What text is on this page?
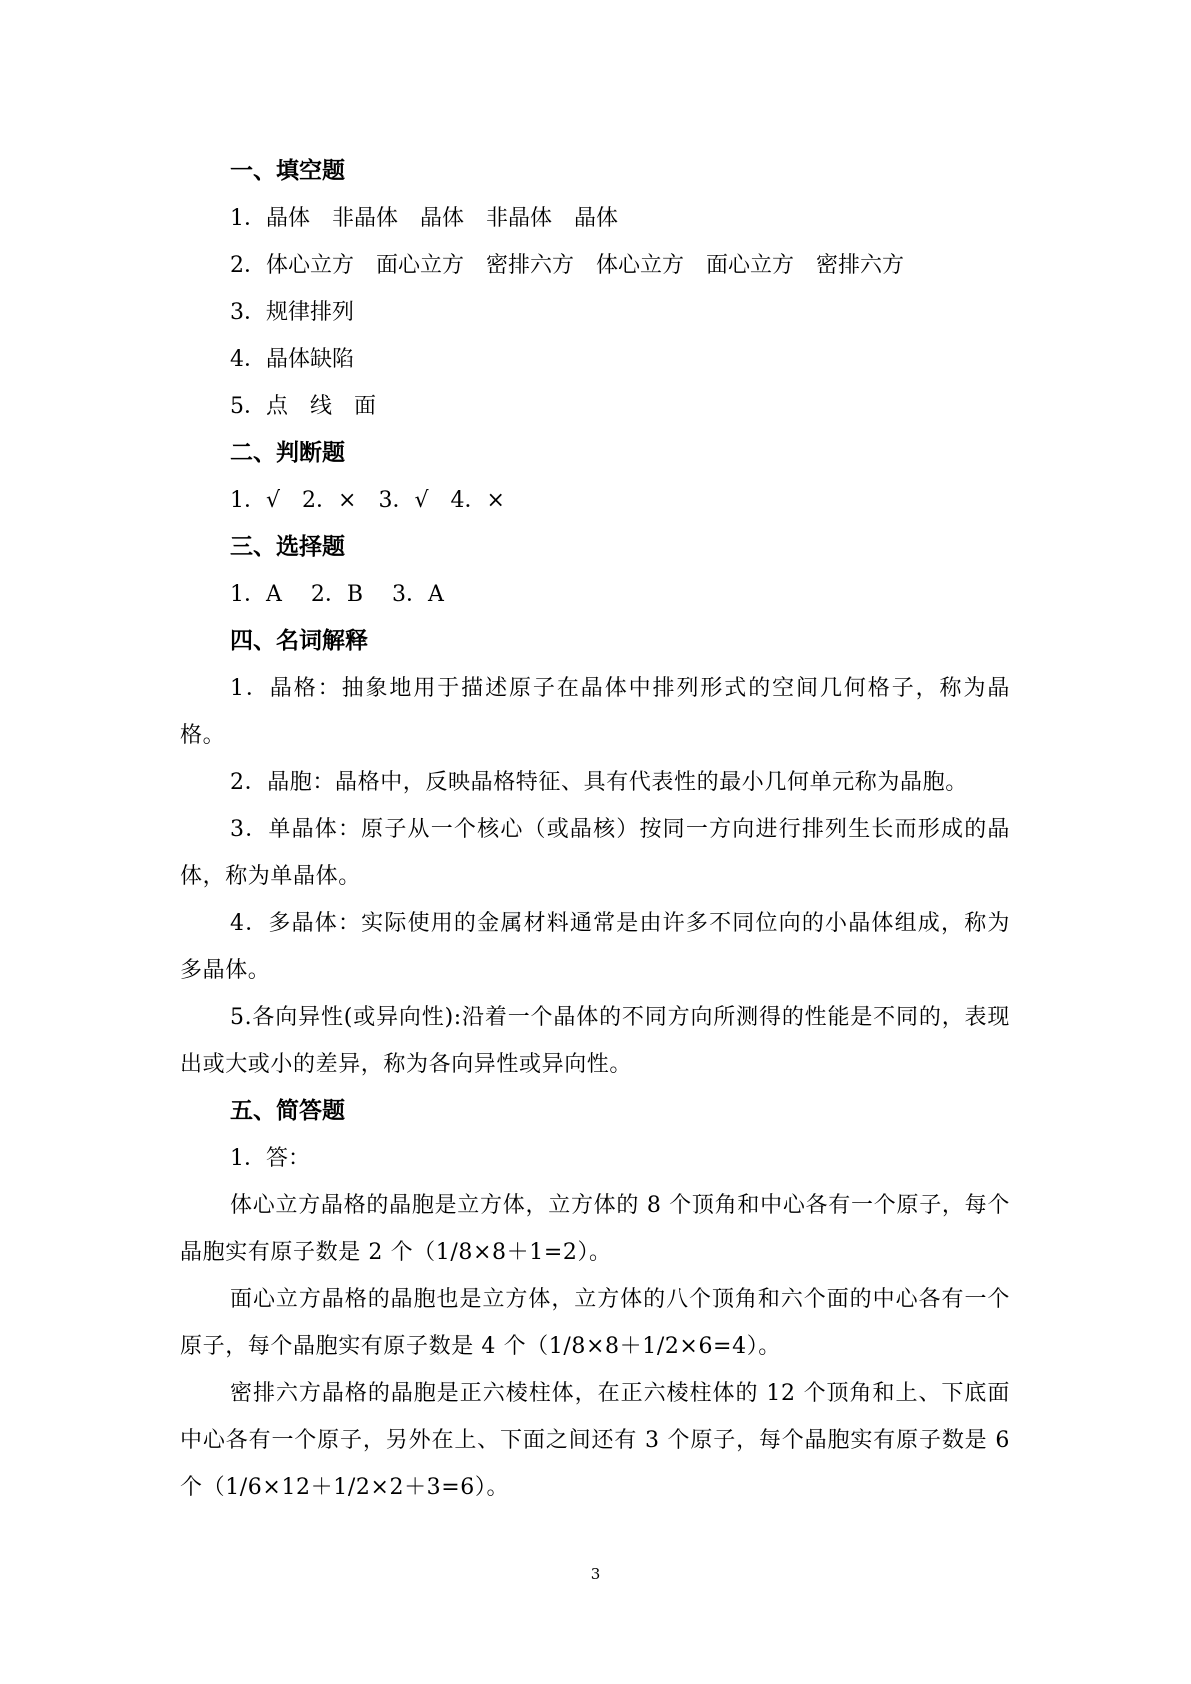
一、填空题
1．晶体　非晶体　晶体　非晶体　晶体
2．体心立方　面心立方　密排六方　体心立方　面心立方　密排六方
3．规律排列
4．晶体缺陷
5．点　线　面
二、判断题
1．√　2．×　3．√　4．×
三、选择题
1．A　 2．B　 3．A
四、名词解释

1．晶格：抽象地用于描述原子在晶体中排列形式的空间几何格子，称为晶格。

2．晶胞：晶格中，反映晶格特征、具有代表性的最小几何单元称为晶胞。

3．单晶体：原子从一个核心（或晶核）按同一方向进行排列生长而形成的晶体，称为单晶体。

4．多晶体：实际使用的金属材料通常是由许多不同位向的小晶体组成，称为多晶体。

5.各向异性(或异向性):沿着一个晶体的不同方向所测得的性能是不同的，表现出或大或小的差异，称为各向异性或异向性。

五、简答题
1．答：

体心立方晶格的晶胞是立方体，立方体的 8 个顶角和中心各有一个原子，每个晶胞实有原子数是 2 个（1/8×8＋1=2）。

面心立方晶格的晶胞也是立方体，立方体的八个顶角和六个面的中心各有一个原子，每个晶胞实有原子数是 4 个（1/8×8＋1/2×6=4）。

密排六方晶格的晶胞是正六棱柱体，在正六棱柱体的 12 个顶角和上、下底面中心各有一个原子，另外在上、下面之间还有 3 个原子，每个晶胞实有原子数是 6 个（1/6×12＋1/2×2＋3=6）。

3
